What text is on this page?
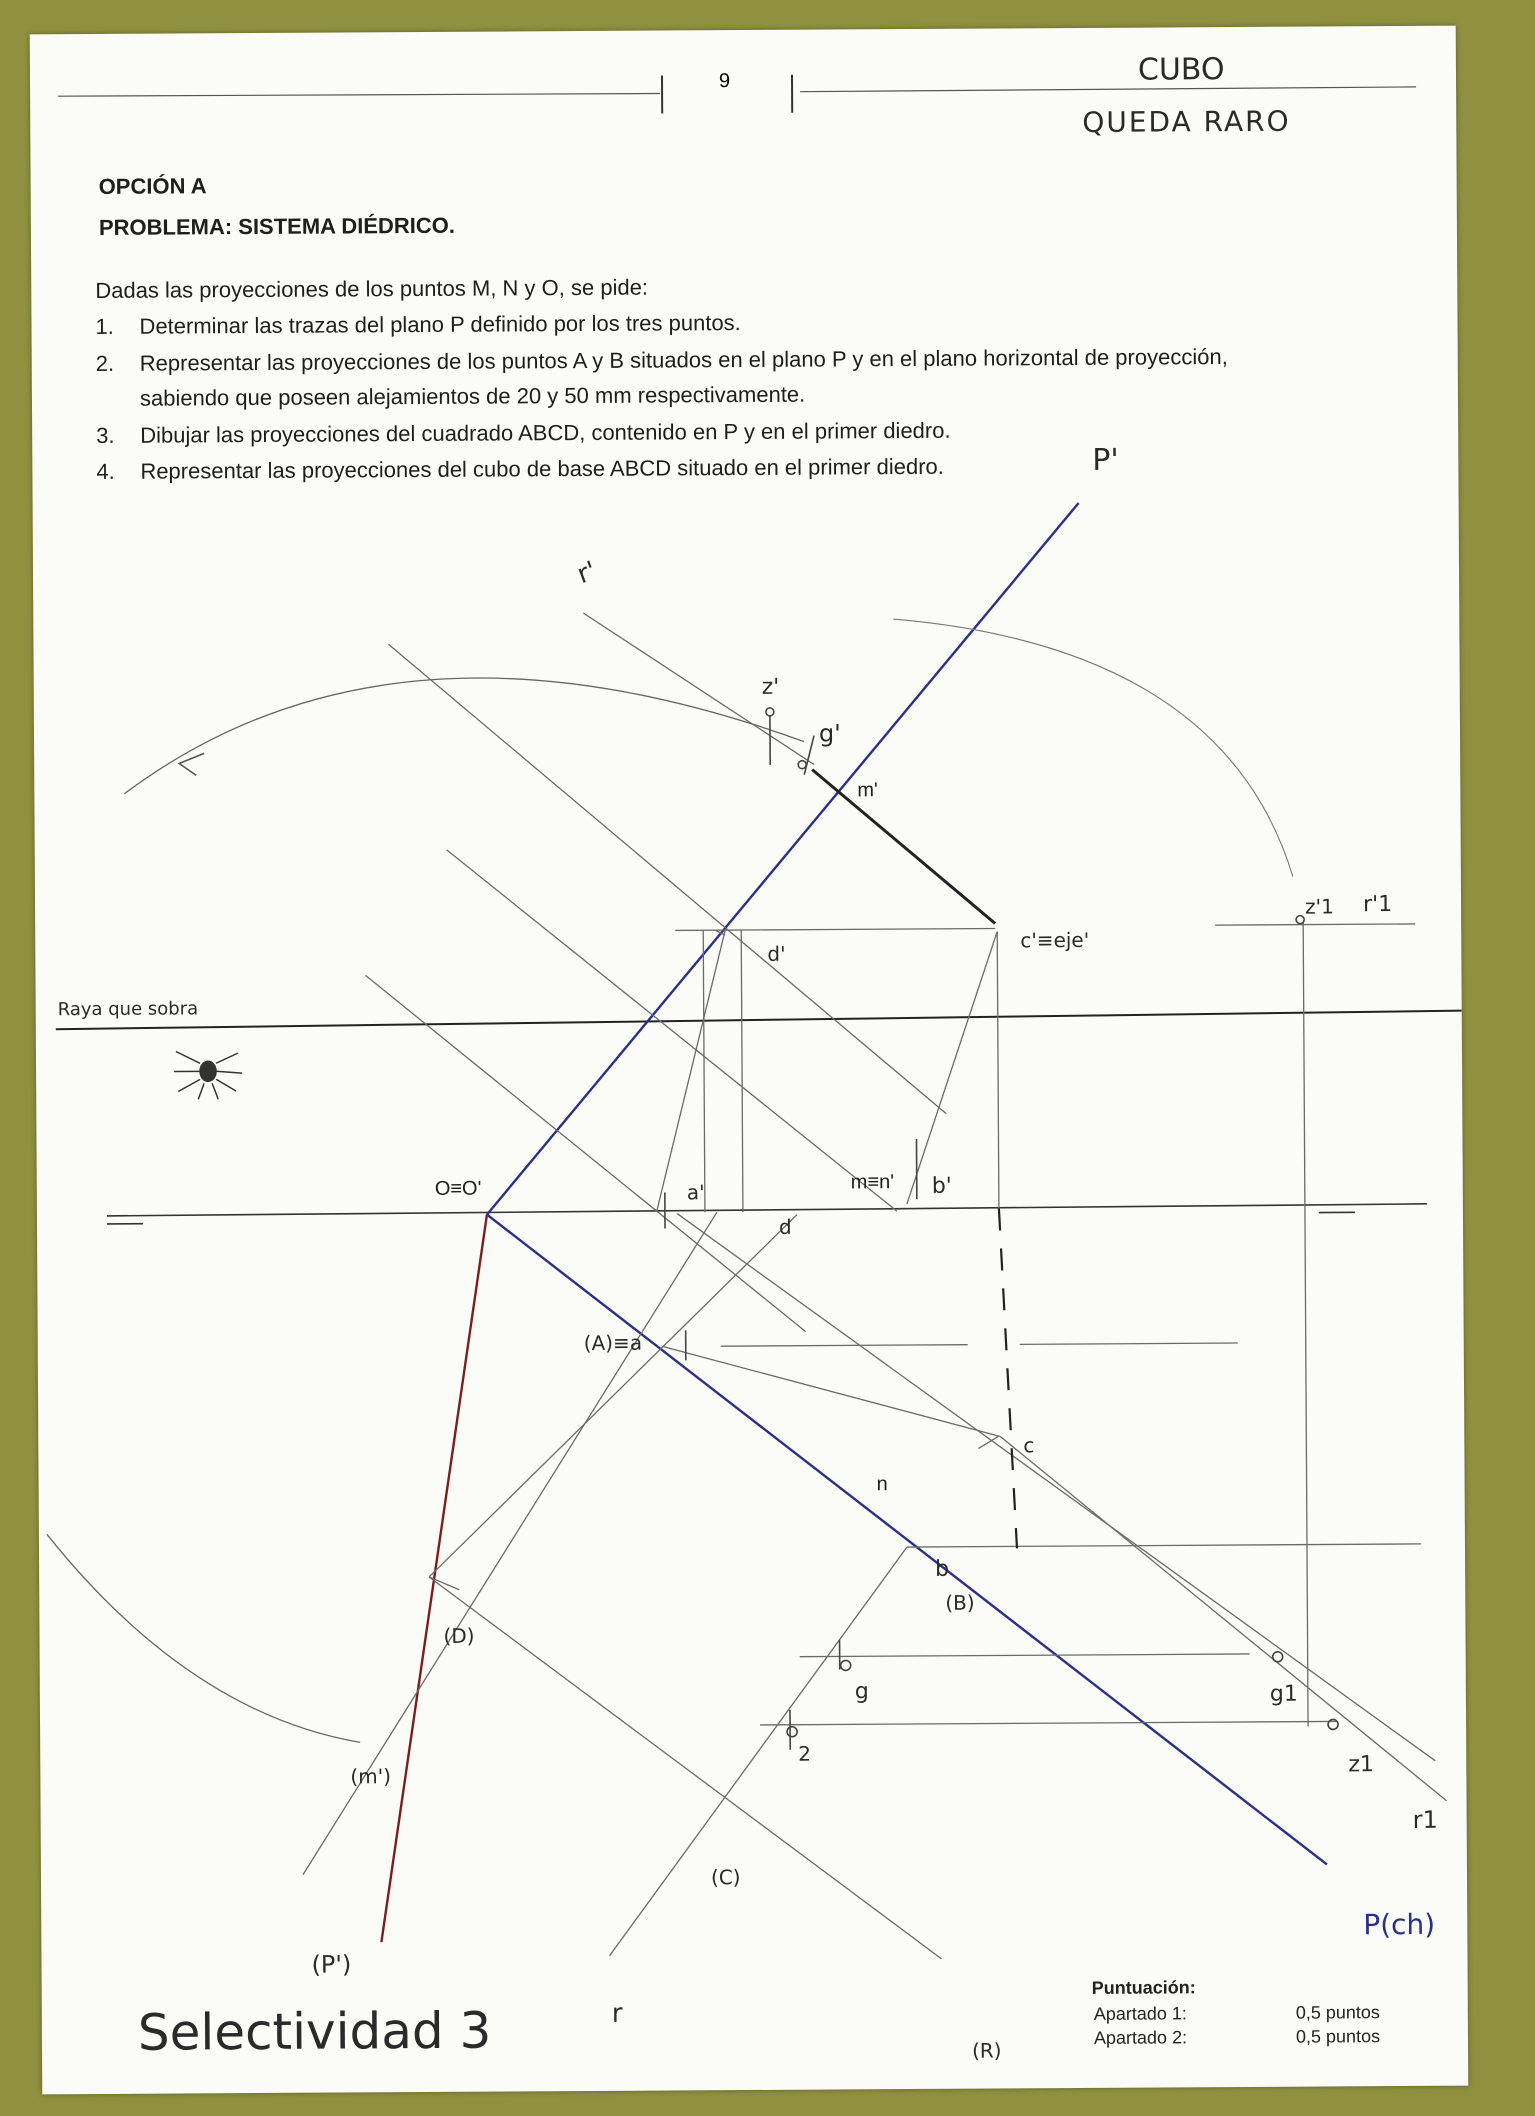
9	CUBO
QUEDA RARO
OPCIÓN A
PROBLEMA: SISTEMA DIÉDRICO.
Dadas las proyecciones de los puntos M, N y O, se pide:
1. Determinar las trazas del plano P definido por los tres puntos.
2. Representar las proyecciones de los puntos A y B situados en el plano P y en el plano horizontal de proyección,
sabiendo que poseen alejamientos de 20 y 50 mm respectivamente.
3. Dibujar las proyecciones del cuadrado ABCD, contenido en P y en el primer diedro.
4. Representar las proyecciones del cubo de base ABCD situado en el primer diedro.	P'
r'
z'
g'
m'
d'
c'≡eje'
z'1 r'1
Raya que sobra
O≡O'	a'	m≡n' b'
d
(A)≡a
n
c
b
(B)
(D)
g	g1
(m')
2	z1
r1
(C)
P(ch)
(P')
r
(R)
Selectividad 3
Puntuación:
Apartado 1:	0,5 puntos
Apartado 2:	0,5 puntos
